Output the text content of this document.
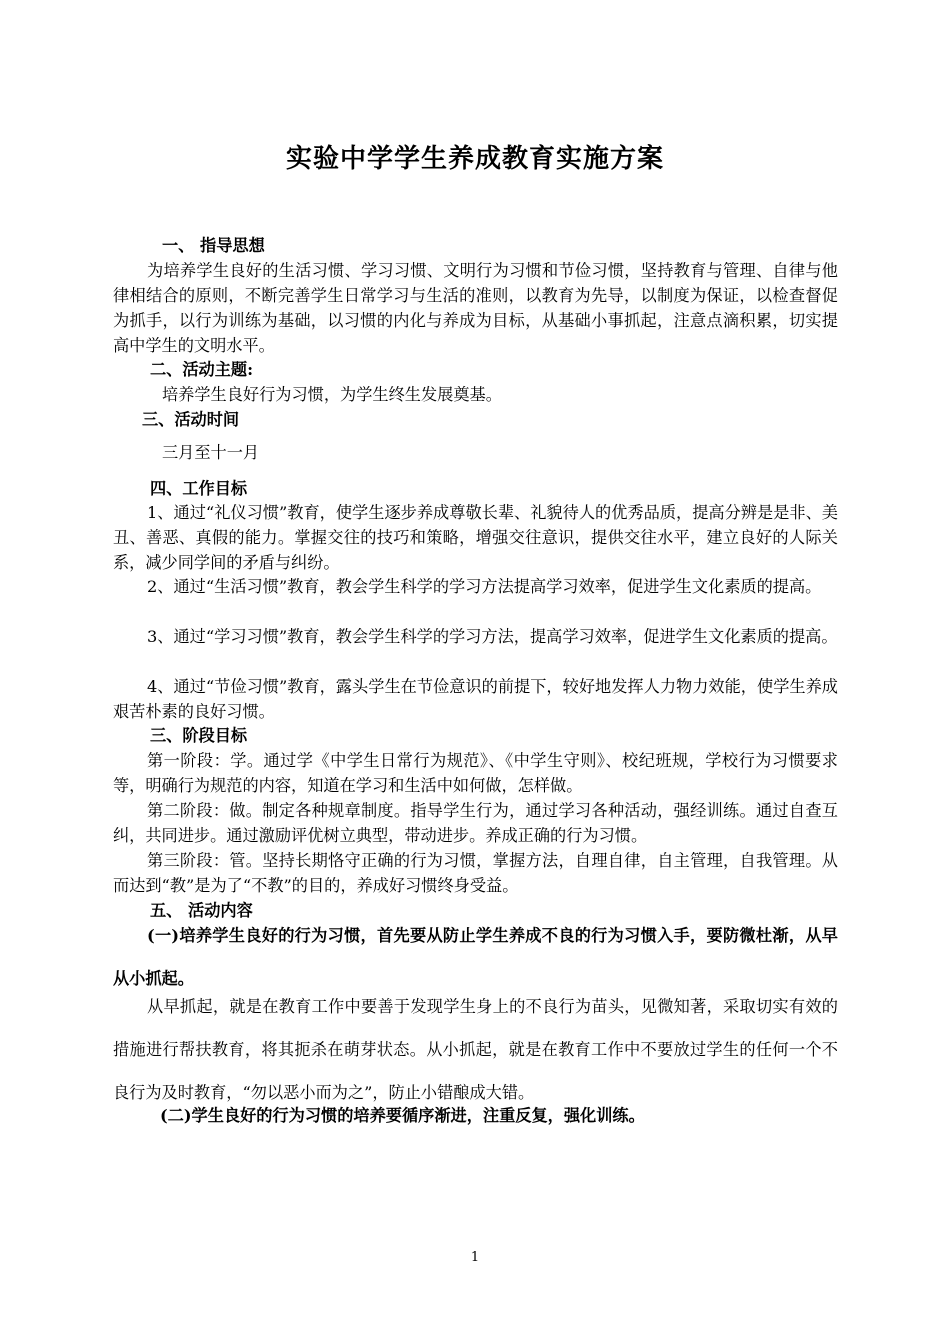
实验中学学生养成教育实施方案
一、 指导思想
为培养学生良好的生活习惯、学习习惯、文明行为习惯和节俭习惯，坚持教育与管理、自律与他律相结合的原则，不断完善学生日常学习与生活的准则，以教育为先导，以制度为保证，以检查督促为抓手，以行为训练为基础，以习惯的内化与养成为目标，从基础小事抓起，注意点滴积累，切实提高中学生的文明水平。
二、活动主题:
培养学生良好行为习惯，为学生终生发展奠基。
三、活动时间
三月至十一月
四、工作目标
1、通过“礼仪习惯”教育，使学生逐步养成尊敬长辈、礼貌待人的优秀品质，提高分辨是是非、美丑、善恶、真假的能力。掌握交往的技巧和策略，增强交往意识，提供交往水平，建立良好的人际关系，减少同学间的矛盾与纠纷。
2、通过“生活习惯”教育，教会学生科学的学习方法提高学习效率，促进学生文化素质的提高。
3、通过“学习习惯”教育，教会学生科学的学习方法，提高学习效率，促进学生文化素质的提高。
4、通过“节俭习惯”教育，露头学生在节俭意识的前提下，较好地发挥人力物力效能，使学生养成艰苦朴素的良好习惯。
三、阶段目标
第一阶段：学。通过学《中学生日常行为规范》、《中学生守则》、校纪班规，学校行为习惯要求等，明确行为规范的内容，知道在学习和生活中如何做，怎样做。
第二阶段：做。制定各种规章制度。指导学生行为，通过学习各种活动，强经训练。通过自查互纠，共同进步。通过激励评优树立典型，带动进步。养成正确的行为习惯。
第三阶段：管。坚持长期恪守正确的行为习惯，掌握方法，自理自律，自主管理，自我管理。从而达到“教”是为了“不教”的目的，养成好习惯终身受益。
五、 活动内容
(一)培养学生良好的行为习惯，首先要从防止学生养成不良的行为习惯入手，要防微杜渐，从早从小抓起。
从早抓起，就是在教育工作中要善于发现学生身上的不良行为苗头，见微知著，采取切实有效的措施进行帮扶教育，将其扼杀在萌芽状态。从小抓起，就是在教育工作中不要放过学生的任何一个不良行为及时教育，“勿以恶小而为之”，防止小错酿成大错。
(二)学生良好的行为习惯的培养要循序渐进，注重反复，强化训练。
1
